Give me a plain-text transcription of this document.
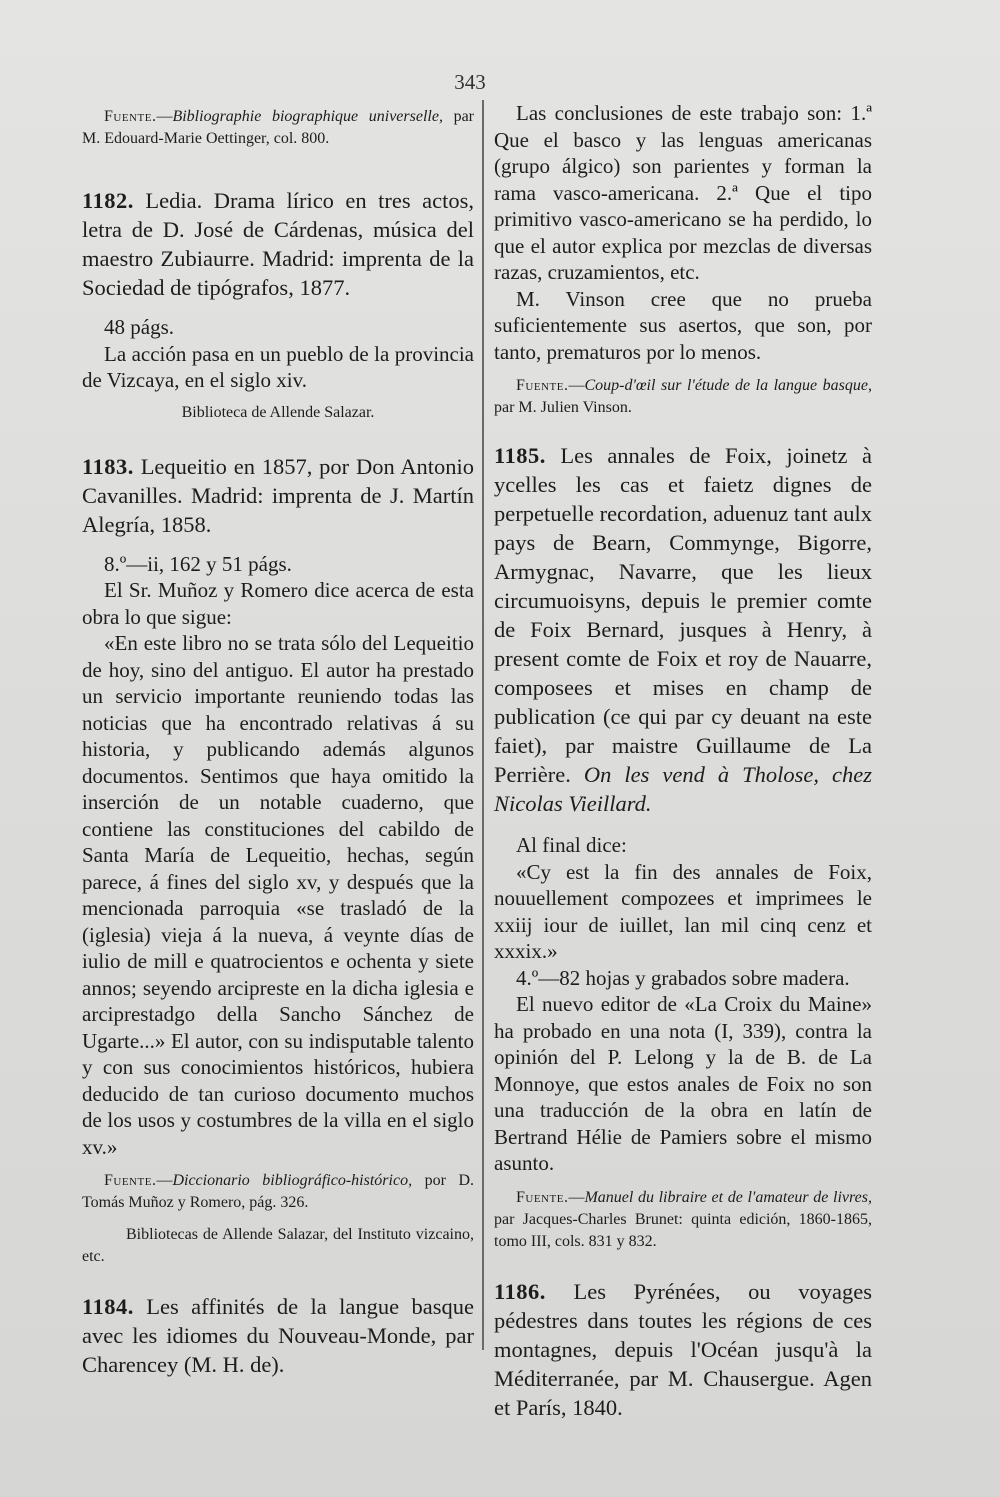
343

Fuente.—Bibliographie biographique universelle, par M. Edouard-Marie Oettinger, col. 800.

1182. Ledia. Drama lírico en tres actos, letra de D. José de Cárdenas, música del maestro Zubiaurre. Madrid: imprenta de la Sociedad de tipógrafos, 1877.

48 págs.

La acción pasa en un pueblo de la provincia de Vizcaya, en el siglo xiv.

Biblioteca de Allende Salazar.

1183. Lequeitio en 1857, por Don Antonio Cavanilles. Madrid: imprenta de J. Martín Alegría, 1858.

8.º—ii, 162 y 51 págs.

El Sr. Muñoz y Romero dice acerca de esta obra lo que sigue:

«En este libro no se trata sólo del Lequeitio de hoy, sino del antiguo. El autor ha prestado un servicio importante reuniendo todas las noticias que ha encontrado relativas á su historia, y publicando además algunos documentos. Sentimos que haya omitido la inserción de un notable cuaderno, que contiene las constituciones del cabildo de Santa María de Lequeitio, hechas, según parece, á fines del siglo xv, y después que la mencionada parroquia «se trasladó de la (iglesia) vieja á la nueva, á veynte días de iulio de mill e quatrocientos e ochenta y siete annos; seyendo arcipreste en la dicha iglesia e arciprestadgo della Sancho Sánchez de Ugarte...» El autor, con su indisputable talento y con sus conocimientos históricos, hubiera deducido de tan curioso documento muchos de los usos y costumbres de la villa en el siglo xv.»

Fuente.—Diccionario bibliográfico-histórico, por D. Tomás Muñoz y Romero, pág. 326.

Bibliotecas de Allende Salazar, del Instituto vizcaino, etc.

1184. Les affinités de la langue basque avec les idiomes du Nouveau-Monde, par Charencey (M. H. de).

Las conclusiones de este trabajo son: 1.ª Que el basco y las lenguas americanas (grupo álgico) son parientes y forman la rama vasco-americana. 2.ª Que el tipo primitivo vasco-americano se ha perdido, lo que el autor explica por mezclas de diversas razas, cruzamientos, etc.

M. Vinson cree que no prueba suficientemente sus asertos, que son, por tanto, prematuros por lo menos.

Fuente.—Coup-d'œil sur l'étude de la langue basque, par M. Julien Vinson.

1185. Les annales de Foix, joinetz à ycelles les cas et faietz dignes de perpetuelle recordation, aduenuz tant aulx pays de Bearn, Commynge, Bigorre, Armygnac, Navarre, que les lieux circumuoisyns, depuis le premier comte de Foix Bernard, jusques à Henry, à present comte de Foix et roy de Nauarre, composees et mises en champ de publication (ce qui par cy deuant na este faiet), par maistre Guillaume de La Perrière. On les vend à Tholose, chez Nicolas Vieillard.

Al final dice:

«Cy est la fin des annales de Foix, nouuellement compozees et imprimees le xxiij iour de iuillet, lan mil cinq cenz et xxxix.»

4.º—82 hojas y grabados sobre madera.

El nuevo editor de «La Croix du Maine» ha probado en una nota (I, 339), contra la opinión del P. Lelong y la de B. de La Monnoye, que estos anales de Foix no son una traducción de la obra en latín de Bertrand Hélie de Pamiers sobre el mismo asunto.

Fuente.—Manuel du libraire et de l'amateur de livres, par Jacques-Charles Brunet: quinta edición, 1860-1865, tomo III, cols. 831 y 832.

1186. Les Pyrénées, ou voyages pédestres dans toutes les régions de ces montagnes, depuis l'Océan jusqu'à la Méditerranée, par M. Chausergue. Agen et París, 1840.
